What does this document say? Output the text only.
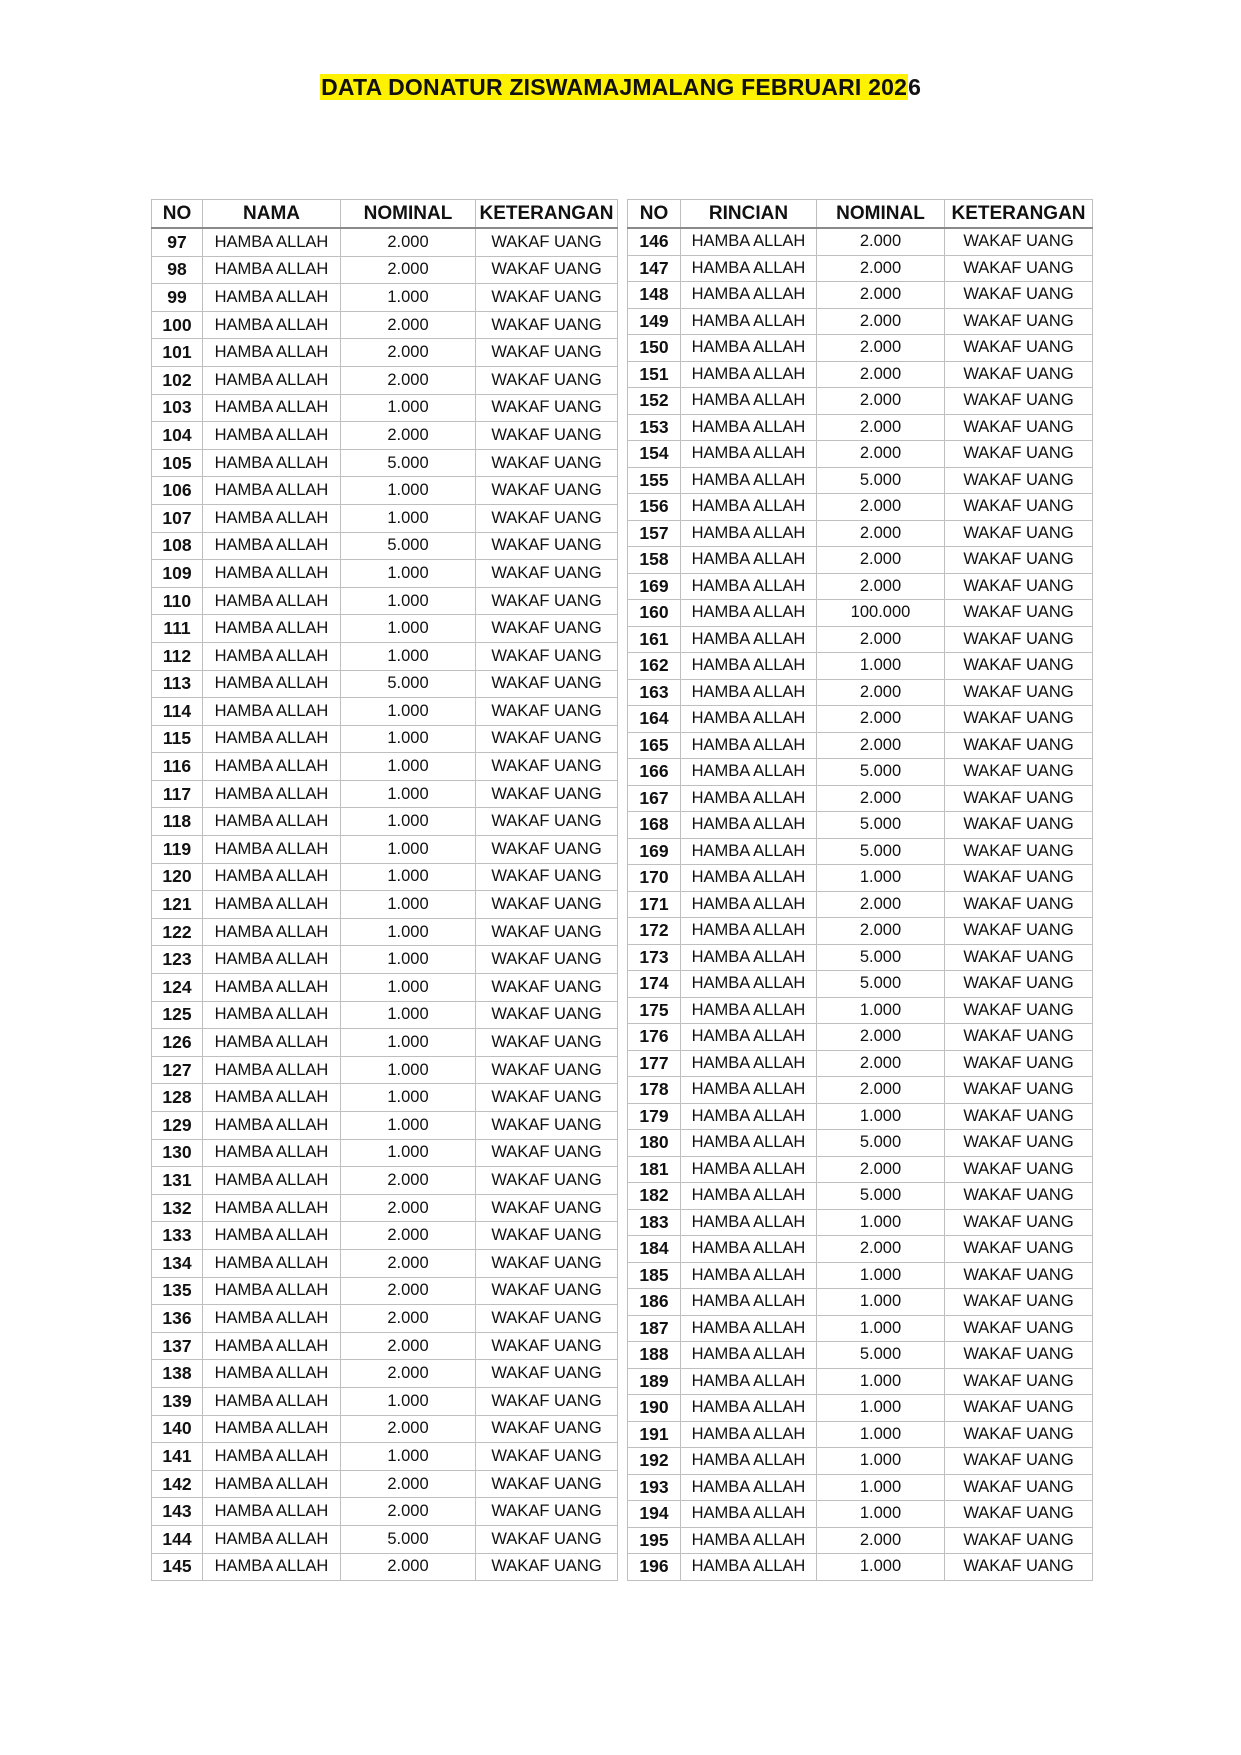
DATA DONATUR ZISWAMAJMALANG FEBRUARI 2026
NO	NAMA	NOMINAL	KETERANGAN
97	HAMBA ALLAH	2.000	WAKAF UANG
98	HAMBA ALLAH	2.000	WAKAF UANG
99	HAMBA ALLAH	1.000	WAKAF UANG
100	HAMBA ALLAH	2.000	WAKAF UANG
101	HAMBA ALLAH	2.000	WAKAF UANG
102	HAMBA ALLAH	2.000	WAKAF UANG
103	HAMBA ALLAH	1.000	WAKAF UANG
104	HAMBA ALLAH	2.000	WAKAF UANG
105	HAMBA ALLAH	5.000	WAKAF UANG
106	HAMBA ALLAH	1.000	WAKAF UANG
107	HAMBA ALLAH	1.000	WAKAF UANG
108	HAMBA ALLAH	5.000	WAKAF UANG
109	HAMBA ALLAH	1.000	WAKAF UANG
110	HAMBA ALLAH	1.000	WAKAF UANG
111	HAMBA ALLAH	1.000	WAKAF UANG
112	HAMBA ALLAH	1.000	WAKAF UANG
113	HAMBA ALLAH	5.000	WAKAF UANG
114	HAMBA ALLAH	1.000	WAKAF UANG
115	HAMBA ALLAH	1.000	WAKAF UANG
116	HAMBA ALLAH	1.000	WAKAF UANG
117	HAMBA ALLAH	1.000	WAKAF UANG
118	HAMBA ALLAH	1.000	WAKAF UANG
119	HAMBA ALLAH	1.000	WAKAF UANG
120	HAMBA ALLAH	1.000	WAKAF UANG
121	HAMBA ALLAH	1.000	WAKAF UANG
122	HAMBA ALLAH	1.000	WAKAF UANG
123	HAMBA ALLAH	1.000	WAKAF UANG
124	HAMBA ALLAH	1.000	WAKAF UANG
125	HAMBA ALLAH	1.000	WAKAF UANG
126	HAMBA ALLAH	1.000	WAKAF UANG
127	HAMBA ALLAH	1.000	WAKAF UANG
128	HAMBA ALLAH	1.000	WAKAF UANG
129	HAMBA ALLAH	1.000	WAKAF UANG
130	HAMBA ALLAH	1.000	WAKAF UANG
131	HAMBA ALLAH	2.000	WAKAF UANG
132	HAMBA ALLAH	2.000	WAKAF UANG
133	HAMBA ALLAH	2.000	WAKAF UANG
134	HAMBA ALLAH	2.000	WAKAF UANG
135	HAMBA ALLAH	2.000	WAKAF UANG
136	HAMBA ALLAH	2.000	WAKAF UANG
137	HAMBA ALLAH	2.000	WAKAF UANG
138	HAMBA ALLAH	2.000	WAKAF UANG
139	HAMBA ALLAH	1.000	WAKAF UANG
140	HAMBA ALLAH	2.000	WAKAF UANG
141	HAMBA ALLAH	1.000	WAKAF UANG
142	HAMBA ALLAH	2.000	WAKAF UANG
143	HAMBA ALLAH	2.000	WAKAF UANG
144	HAMBA ALLAH	5.000	WAKAF UANG
145	HAMBA ALLAH	2.000	WAKAF UANG
NO	RINCIAN	NOMINAL	KETERANGAN
146	HAMBA ALLAH	2.000	WAKAF UANG
147	HAMBA ALLAH	2.000	WAKAF UANG
148	HAMBA ALLAH	2.000	WAKAF UANG
149	HAMBA ALLAH	2.000	WAKAF UANG
150	HAMBA ALLAH	2.000	WAKAF UANG
151	HAMBA ALLAH	2.000	WAKAF UANG
152	HAMBA ALLAH	2.000	WAKAF UANG
153	HAMBA ALLAH	2.000	WAKAF UANG
154	HAMBA ALLAH	2.000	WAKAF UANG
155	HAMBA ALLAH	5.000	WAKAF UANG
156	HAMBA ALLAH	2.000	WAKAF UANG
157	HAMBA ALLAH	2.000	WAKAF UANG
158	HAMBA ALLAH	2.000	WAKAF UANG
169	HAMBA ALLAH	2.000	WAKAF UANG
160	HAMBA ALLAH	100.000	WAKAF UANG
161	HAMBA ALLAH	2.000	WAKAF UANG
162	HAMBA ALLAH	1.000	WAKAF UANG
163	HAMBA ALLAH	2.000	WAKAF UANG
164	HAMBA ALLAH	2.000	WAKAF UANG
165	HAMBA ALLAH	2.000	WAKAF UANG
166	HAMBA ALLAH	5.000	WAKAF UANG
167	HAMBA ALLAH	2.000	WAKAF UANG
168	HAMBA ALLAH	5.000	WAKAF UANG
169	HAMBA ALLAH	5.000	WAKAF UANG
170	HAMBA ALLAH	1.000	WAKAF UANG
171	HAMBA ALLAH	2.000	WAKAF UANG
172	HAMBA ALLAH	2.000	WAKAF UANG
173	HAMBA ALLAH	5.000	WAKAF UANG
174	HAMBA ALLAH	5.000	WAKAF UANG
175	HAMBA ALLAH	1.000	WAKAF UANG
176	HAMBA ALLAH	2.000	WAKAF UANG
177	HAMBA ALLAH	2.000	WAKAF UANG
178	HAMBA ALLAH	2.000	WAKAF UANG
179	HAMBA ALLAH	1.000	WAKAF UANG
180	HAMBA ALLAH	5.000	WAKAF UANG
181	HAMBA ALLAH	2.000	WAKAF UANG
182	HAMBA ALLAH	5.000	WAKAF UANG
183	HAMBA ALLAH	1.000	WAKAF UANG
184	HAMBA ALLAH	2.000	WAKAF UANG
185	HAMBA ALLAH	1.000	WAKAF UANG
186	HAMBA ALLAH	1.000	WAKAF UANG
187	HAMBA ALLAH	1.000	WAKAF UANG
188	HAMBA ALLAH	5.000	WAKAF UANG
189	HAMBA ALLAH	1.000	WAKAF UANG
190	HAMBA ALLAH	1.000	WAKAF UANG
191	HAMBA ALLAH	1.000	WAKAF UANG
192	HAMBA ALLAH	1.000	WAKAF UANG
193	HAMBA ALLAH	1.000	WAKAF UANG
194	HAMBA ALLAH	1.000	WAKAF UANG
195	HAMBA ALLAH	2.000	WAKAF UANG
196	HAMBA ALLAH	1.000	WAKAF UANG
